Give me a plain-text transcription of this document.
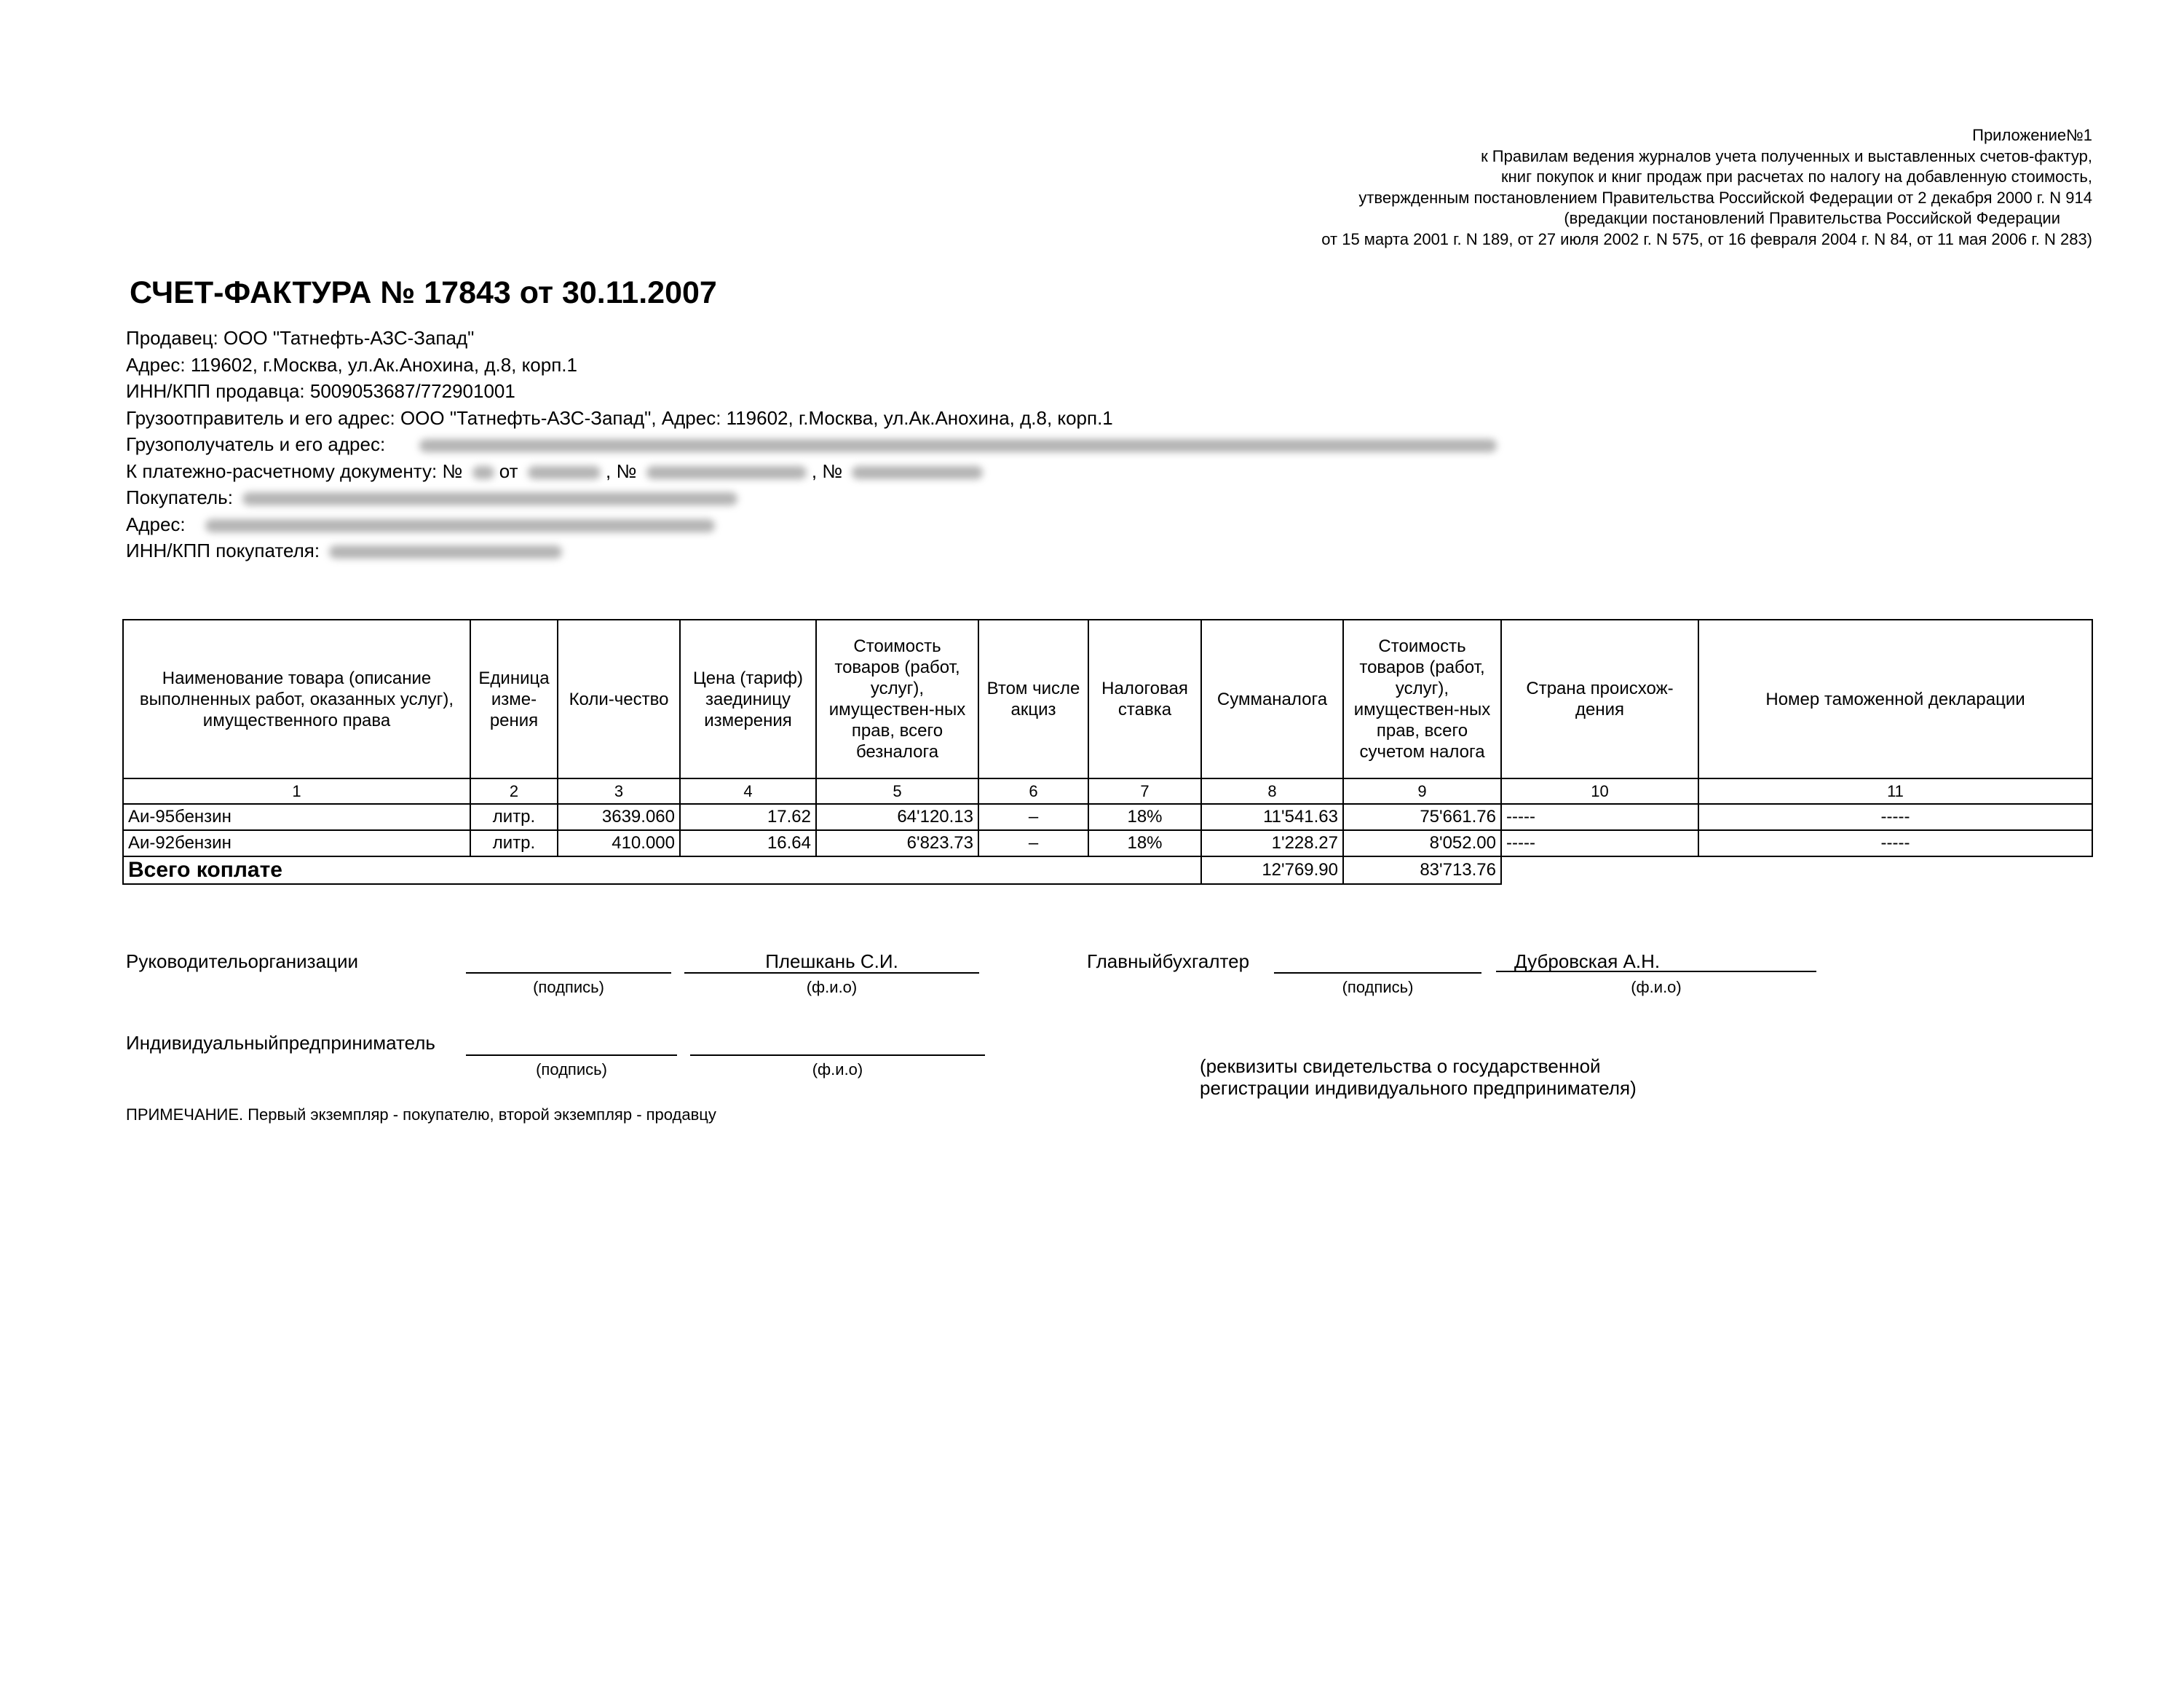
Приложение№1
к Правилам ведения журналов учета полученных и выставленных счетов-фактур,
книг покупок и книг продаж при расчетах по налогу на добавленную стоимость,
утвержденным постановлением Правительства Российской Федерации от 2 декабря 2000 г. N 914
(вредакции постановлений Правительства Российской Федерации
от 15 марта 2001 г. N 189, от 27 июля 2002 г. N 575, от 16 февраля 2004 г. N 84, от 11 мая 2006 г. N 283)
СЧЕТ-ФАКТУРА № 17843 от 30.11.2007
Продавец: ООО "Татнефть-АЗС-Запад"
Адрес: 119602, г.Москва, ул.Ак.Анохина, д.8, корп.1
ИНН/КПП продавца: 5009053687/772901001
Грузоотправитель и его адрес: ООО "Татнефть-АЗС-Запад", Адрес: 119602, г.Москва, ул.Ак.Анохина, д.8, корп.1
Грузополучатель и его адрес:
К платежно-расчетному документу: № от	, №	, №
Покупатель:
Адрес:
ИНН/КПП покупателя:
Наименование товара (описание выполненных работ, оказанных услуг), имущественного права	Единица изме-рения	Коли-чество	Цена (тариф) заединицу измерения	Стоимость товаров (работ, услуг), имуществен-ных прав, всего безналога	Втом числе акциз	Налоговая ставка	Сумманалога	Стоимость товаров (работ, услуг), имуществен-ных прав, всего сучетом налога	Страна происхож-дения	Номер таможенной декларации
1	2	3	4	5	6	7	8	9	10	11
Аи-95бензин	литр.	3639.060	17.62	64'120.13	–	18%	11'541.63	75'661.76	-----	-----
Аи-92бензин	литр.	410.000	16.64	6'823.73	–	18%	1'228.27	8'052.00	-----	-----
Всего коплате							12'769.90	83'713.76		
Руководительорганизации
(подпись)
Плешкань С.И.
(ф.и.о)
Главныйбухгалтер
(подпись)
Дубровская А.Н.
(ф.и.о)
Индивидуальныйпредприниматель
(подпись)	(ф.и.о)	(реквизиты свидетельства о государственной
регистрации индивидуального предпринимателя)
ПРИМЕЧАНИЕ. Первый экземпляр - покупателю, второй экземпляр - продавцу
